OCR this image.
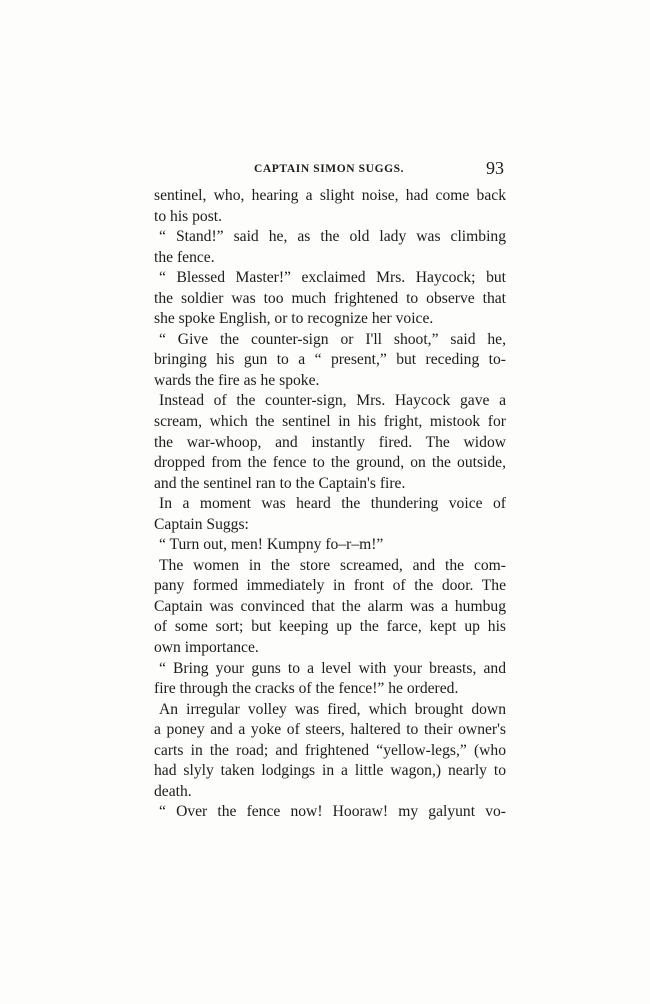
CAPTAIN SIMON SUGGS.	93
sentinel, who, hearing a slight noise, had come back
to his post.
“ Stand!” said he, as the old lady was climbing
the fence.
“ Blessed Master!” exclaimed Mrs. Haycock; but
the soldier was too much frightened to observe that
she spoke English, or to recognize her voice.
“ Give the counter-sign or I'll shoot,” said he,
bringing his gun to a “ present,” but receding to-
wards the fire as he spoke.
Instead of the counter-sign, Mrs. Haycock gave a
scream, which the sentinel in his fright, mistook for
the war-whoop, and instantly fired. The widow
dropped from the fence to the ground, on the outside,
and the sentinel ran to the Captain's fire.
In a moment was heard the thundering voice of
Captain Suggs:
“ Turn out, men! Kumpny fo–r–m!”
The women in the store screamed, and the com-
pany formed immediately in front of the door. The
Captain was convinced that the alarm was a humbug
of some sort; but keeping up the farce, kept up his
own importance.
“ Bring your guns to a level with your breasts, and
fire through the cracks of the fence!” he ordered.
An irregular volley was fired, which brought down
a poney and a yoke of steers, haltered to their owner's
carts in the road; and frightened “yellow-legs,” (who
had slyly taken lodgings in a little wagon,) nearly to
death.
“ Over the fence now! Hooraw! my galyunt vo-
